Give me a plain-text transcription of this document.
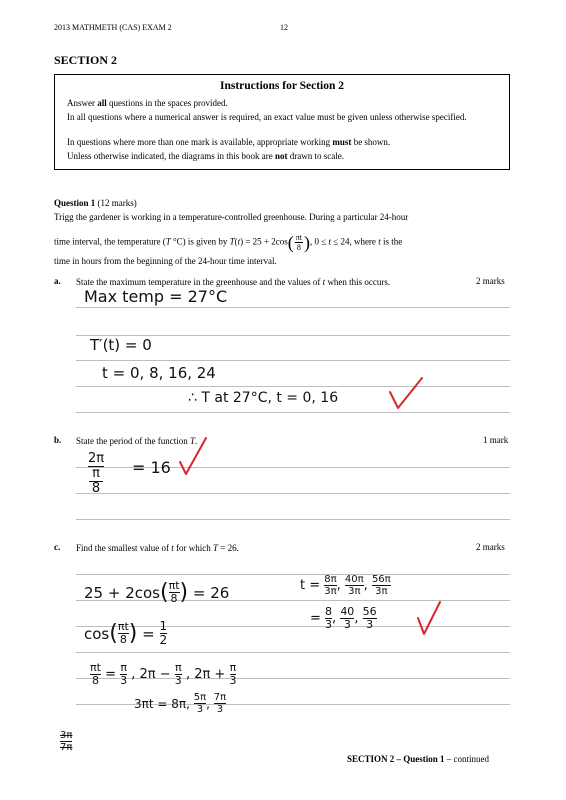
2013 MATHMETH (CAS) EXAM 2	12
SECTION 2
Instructions for Section 2

Answer all questions in the spaces provided.

In all questions where a numerical answer is required, an exact value must be given unless otherwise specified.

In questions where more than one mark is available, appropriate working must be shown.

Unless otherwise indicated, the diagrams in this book are not drawn to scale.

Question 1 (12 marks)
Trigg the gardener is working in a temperature-controlled greenhouse. During a particular 24-hour
time interval, the temperature (T °C) is given by $T(t) = 25 + 2\cos( \frac{\pi t}{8}$ ), 0 ≤ t ≤ 24, where t is the
time in hours from the beginning of the 24-hour time interval.
a. State the maximum temperature in the greenhouse and the values of t when this occurs.	2 marks
Max temp = 27°C
T′(t) = 0
t = 0, 8, 16, 24
∴ T at 27°C, t = 0, 16
b. State the period of the function T.	1 mark
2π
π
8
= 16
c. Find the smallest value of t for which T = 26.	2 marks
25 + 2cos ( πt
8 )
= 26
cos ( πt
8 )
=
$\frac{1}{2}$
$\frac{\pi t}{8}$
=
$\frac{\pi}{3}$
, 2π −
$\frac{\pi}{3}$
, 2π +
$\frac{\pi}{3}$
3πt = 8π,
5π
3 ,
7π
3
t =
$\frac{8\pi}{3\pi}$ , 40π
3π , 56π
3π
=
$\frac{8}{3}$ , 40
3 , 56
3
3π
7π
SECTION 2 – Question 1 – continued
